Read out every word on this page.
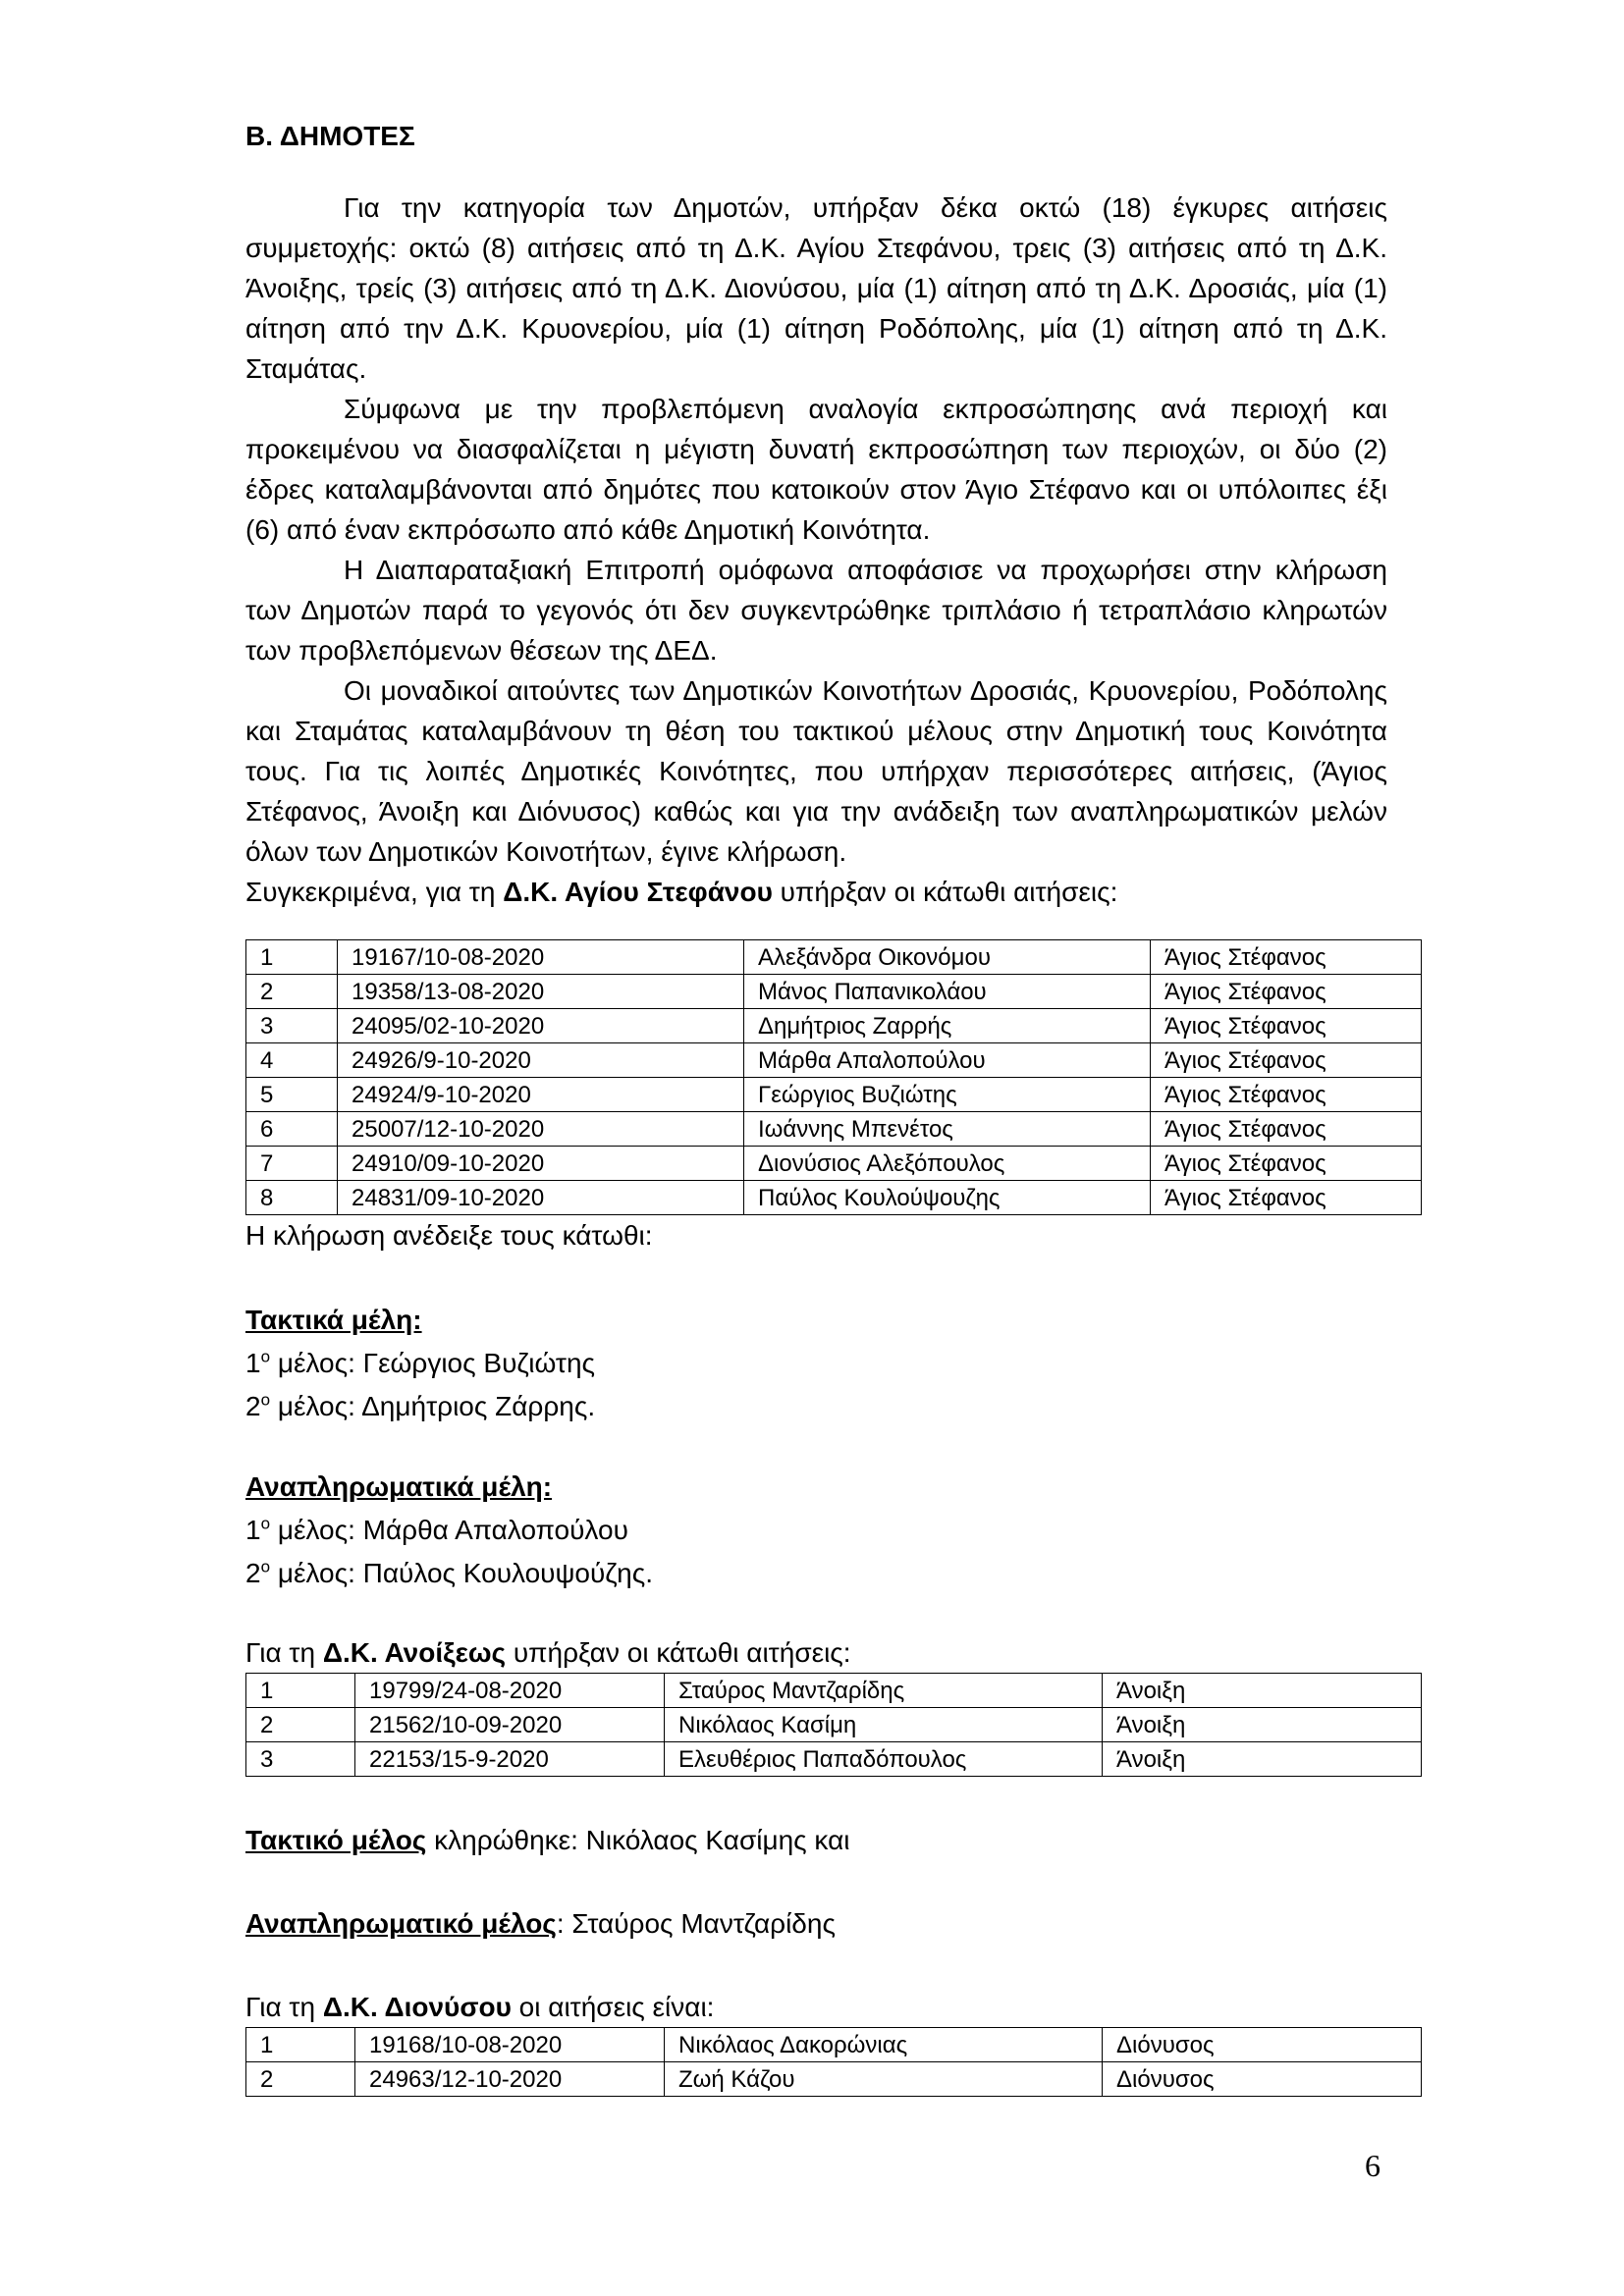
Β. ΔΗΜΟΤΕΣ

Για την κατηγορία των Δημοτών, υπήρξαν δέκα οκτώ (18) έγκυρες αιτήσεις συμμετοχής: οκτώ (8) αιτήσεις από τη Δ.Κ. Αγίου Στεφάνου, τρεις (3) αιτήσεις από τη Δ.Κ. Άνοιξης, τρείς (3) αιτήσεις από τη Δ.Κ. Διονύσου, μία (1) αίτηση από τη Δ.Κ. Δροσιάς, μία (1) αίτηση από την Δ.Κ. Κρυονερίου, μία (1) αίτηση Ροδόπολης, μία (1) αίτηση από τη Δ.Κ. Σταμάτας.

Σύμφωνα με την προβλεπόμενη αναλογία εκπροσώπησης ανά περιοχή και προκειμένου να διασφαλίζεται η μέγιστη δυνατή εκπροσώπηση των περιοχών, οι δύο (2) έδρες καταλαμβάνονται από δημότες που κατοικούν στον Άγιο Στέφανο και οι υπόλοιπες έξι (6) από έναν εκπρόσωπο από κάθε Δημοτική Κοινότητα.

Η Διαπαραταξιακή Επιτροπή ομόφωνα αποφάσισε να προχωρήσει στην κλήρωση των Δημοτών παρά το γεγονός ότι δεν συγκεντρώθηκε τριπλάσιο ή τετραπλάσιο κληρωτών των προβλεπόμενων θέσεων της ΔΕΔ.

Οι μοναδικοί αιτούντες των Δημοτικών Κοινοτήτων Δροσιάς, Κρυονερίου, Ροδόπολης και Σταμάτας καταλαμβάνουν τη θέση του τακτικού μέλους στην Δημοτική τους Κοινότητα τους. Για τις λοιπές Δημοτικές Κοινότητες, που υπήρχαν περισσότερες αιτήσεις, (Άγιος Στέφανος, Άνοιξη και Διόνυσος) καθώς και για την ανάδειξη των αναπληρωματικών μελών όλων των Δημοτικών Κοινοτήτων, έγινε κλήρωση.

Συγκεκριμένα, για τη Δ.Κ. Αγίου Στεφάνου υπήρξαν οι κάτωθι αιτήσεις:

1	19167/10-08-2020	Αλεξάνδρα Οικονόμου	Άγιος Στέφανος
2	19358/13-08-2020	Μάνος Παπανικολάου	Άγιος Στέφανος
3	24095/02-10-2020	Δημήτριος Ζαρρής	Άγιος Στέφανος
4	24926/9-10-2020	Μάρθα Απαλοπούλου	Άγιος Στέφανος
5	24924/9-10-2020	Γεώργιος Βυζιώτης	Άγιος Στέφανος
6	25007/12-10-2020	Ιωάννης Μπενέτος	Άγιος Στέφανος
7	24910/09-10-2020	Διονύσιος Αλεξόπουλος	Άγιος Στέφανος
8	24831/09-10-2020	Παύλος Κουλούψουζης	Άγιος Στέφανος

Η κλήρωση ανέδειξε τους κάτωθι:

Τακτικά μέλη:

$1^o$ μέλος: Γεώργιος Βυζιώτης

$2^o$ μέλος: Δημήτριος Ζάρρης.

Αναπληρωματικά μέλη:

$1^o$ μέλος: Μάρθα Απαλοπούλου

$2^o$ μέλος: Παύλος Κουλουψούζης.

Για τη Δ.Κ. Ανοίξεως υπήρξαν οι κάτωθι αιτήσεις:

1	19799/24-08-2020	Σταύρος Μαντζαρίδης	Άνοιξη
2	21562/10-09-2020	Νικόλαος Κασίμη	Άνοιξη
3	22153/15-9-2020	Ελευθέριος Παπαδόπουλος	Άνοιξη

Τακτικό μέλος κληρώθηκε: Νικόλαος Κασίμης και

Αναπληρωματικό μέλος: Σταύρος Μαντζαρίδης

Για τη Δ.Κ. Διονύσου οι αιτήσεις είναι:

1	19168/10-08-2020	Νικόλαος Δακορώνιας	Διόνυσος
2	24963/12-10-2020	Ζωή Κάζου	Διόνυσος
6
